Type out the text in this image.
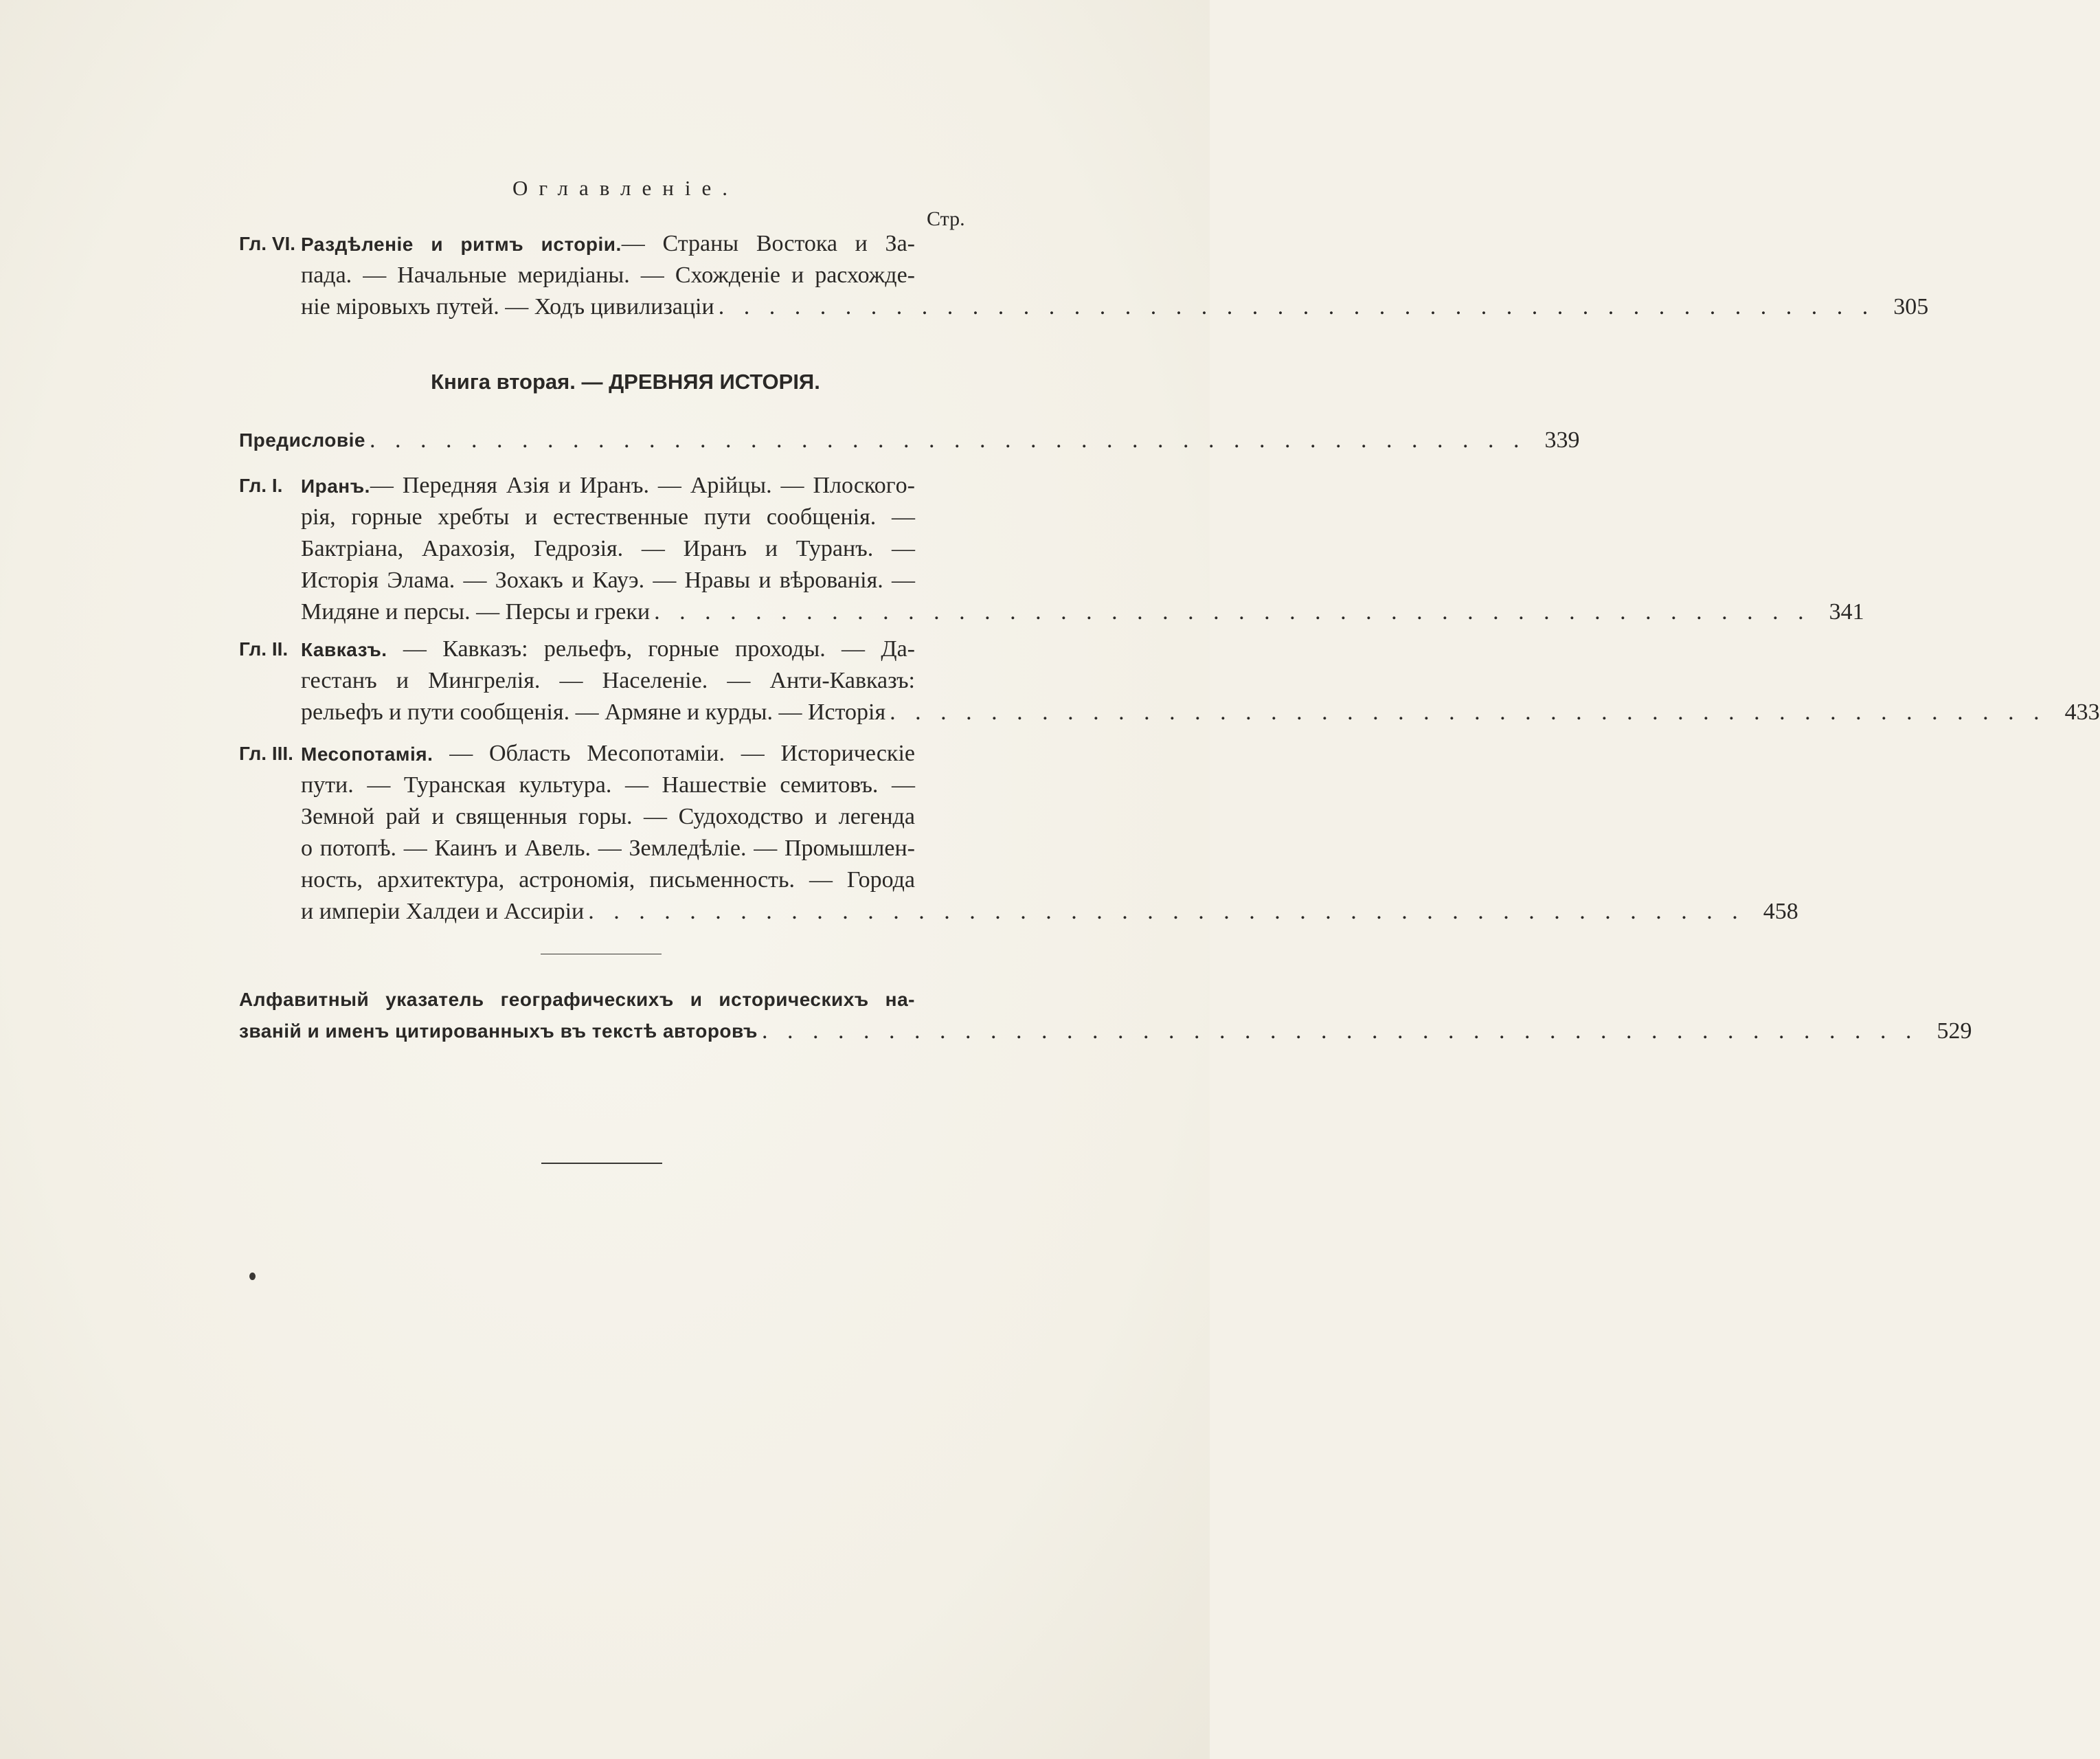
Оглавленіе.
Стр.
Гл. VI. Раздѣленіе и ритмъ исторіи.— Страны Востока и За-
пада. — Начальные меридіаны. — Схожденіе и расхожде-
ніе міровыхъ путей. — Ходъ цивилизаціи . . . . . . . . . . . . . . . . . . . . . . . . . . . . . . . . . . . . . . . . . . . . . . 305
Книга вторая. — ДРЕВНЯЯ ИСТОРІЯ.
Предисловіе . . . . . . . . . . . . . . . . . . . . . . . . . . . . . . . . . . . . . . . . . . . . . . 339
Гл. I. Иранъ.— Передняя Азія и Иранъ. — Арійцы. — Плоскогo-
рія, горные хребты и естественные пути сообщенія. —
Бактріана, Арахозія, Гедрозія. — Иранъ и Туранъ. —
Исторія Элама. — Зохакъ и Кауэ. — Нравы и вѣрованія. —
Мидяне и персы. — Персы и греки . . . . . . . . . . . . . . . . . . . . . . . . . . . . . . . . . . . . . . . . . . . . . . 341
Гл. II. Кавказъ. — Кавказъ: рельефъ, горные проходы. — Да-
гестанъ и Мингрелія. — Населеніе. — Анти-Кавказъ:
рельефъ и пути сообщенія. — Армяне и курды. — Исторія . . . . . . . . . . . . . . . . . . . . . . . . . . . . . . . . . . . . . . . . . . . . . . 433
Гл. III. Месопотамія. — Область Месопотаміи. — Историческіе
пути. — Туранская культура. — Нашествіе семитовъ. —
Земной рай и священныя горы. — Судоходство и легенда
о потопѣ. — Каинъ и Авель. — Земледѣліе. — Промышлен-
ность, архитектура, астрономія, письменность. — Города
и имперіи Халдеи и Ассиріи . . . . . . . . . . . . . . . . . . . . . . . . . . . . . . . . . . . . . . . . . . . . . . 458
Алфавитный указатель географическихъ и историческихъ на-
званій и именъ цитированныхъ въ текстѣ авторовъ . . . . . . . . . . . . . . . . . . . . . . . . . . . . . . . . . . . . . . . . . . . . . . 529
